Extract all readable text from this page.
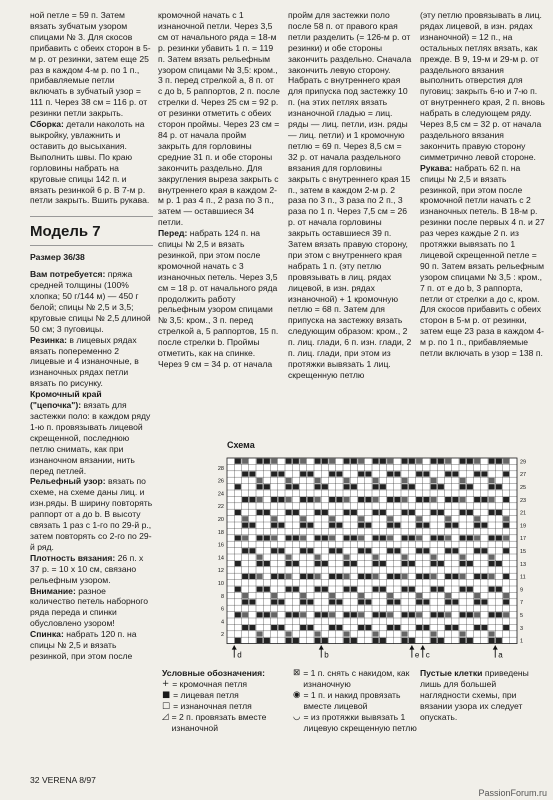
ной петле = 59 п. Затем вязать зубчатым узором спицами № 3. Для скосов прибавить с обеих сторон в 5-м р. от резинки, затем еще 25 раз в каждом 4-м р. по 1 п., прибавляемые петли включать в зубчатый узор = 111 п. Через 38 см = 116 р. от резинки петли закрыть.

Сборка: детали наколоть на выкройку, увлажнить и оставить до высыхания. Выполнить швы. По краю горловины набрать на круговые спицы 142 п. и вязать резинкой 6 р. В 7-м р. петли закрыть. Вшить рукава.

Модель 7
Размер 36/38

Вам потребуется: пряжа средней толщины (100% хлопка; 50 г/144 м) — 450 г белой; спицы № 2,5 и 3,5; круговые спицы № 2,5 длиной 50 см; 3 пуговицы.

Резинка: в лицевых рядах вязать попеременно 2 лицевые и 4 изнаночные, в изнаночных рядах петли вязать по рисунку.

Кромочный край ("цепочка"): вязать для застежки поло: в каждом ряду 1-ю п. провязывать лицевой скрещенной, последнюю петлю снимать, как при изнаночном вязании, нить перед петлей.

Рельефный узор: вязать по схеме, на схеме даны лиц. и изн.ряды. В ширину повторять раппорт от a до b. В высоту связать 1 раз с 1-го по 29-й р., затем повторять со 2-го по 29-й ряд.

Плотность вязания: 26 п. х 37 р. = 10 х 10 см, связано рельефным узором.

Внимание: разное количество петель наборного ряда переда и спинки обусловлено узором!

Спинка: набрать 120 п. на спицы № 2,5 и вязать резинкой, при этом после

кромочной начать с 1 изнаночной петли. Через 3,5 см от начального ряда = 18-м р. резинки убавить 1 п. = 119 п. Затем вязать рельефным узором спицами № 3,5: кром., 3 п. перед стрелкой a, 8 п. от c до b, 5 раппортов, 2 п. после стрелки d. Через 25 см = 92 р. от резинки отметить с обеих сторон проймы. Через 23 см = 84 р. от начала пройм закрыть для горловины средние 31 п. и обе стороны закончить раздельно. Для закругления выреза закрыть с внутреннего края в каждом 2-м р. 1 раз 4 п., 2 раза по 3 п., затем — оставшиеся 34 петли.

Перед: набрать 124 п. на спицы № 2,5 и вязать резинкой, при этом после кромочной начать с 3 изнаночных петель. Через 3,5 см = 18 р. от начального ряда продолжить работу рельефным узором спицами № 3,5: кром., 3 п. перед стрелкой a, 5 раппортов, 15 п. после стрелки b. Проймы отметить, как на спинке. Через 9 см = 34 р. от начала

пройм для застежки поло после 58 п. от правого края петли разделить (= 126-м р. от резинки) и обе стороны закончить раздельно. Сначала закончить левую сторону. Набрать с внутреннего края для припуска под застежку 10 п. (на этих петлях вязать изнаночной гладью = лиц. ряды — лиц. петли, изн. ряды — лиц. петли) и 1 кромочную петлю = 69 п. Через 8,5 см = 32 р. от начала раздельного вязания для горловины закрыть с внутреннего края 15 п., затем в каждом 2-м р. 2 раза по 3 п., 3 раза по 2 п., 3 раза по 1 п. Через 7,5 см = 26 р. от начала горловины закрыть оставшиеся 39 п. Затем вязать правую сторону, при этом с внутреннего края набрать 1 п. (эту петлю провязывать в лиц. рядах лицевой, в изн. рядах изнаночной) + 1 кромочную петлю = 68 п. Затем для припуска на застежку вязать следующим образом: кром., 2 п. лиц. глади, 6 п. изн. глади, 2 п. лиц. глади, при этом из протяжки вывязать 1 лиц. скрещенную петлю

(эту петлю провязывать в лиц. рядах лицевой, в изн. рядах изнаночной) = 12 п., на остальных петлях вязать, как прежде. В 9, 19-м и 29-м р. от раздельного вязания выполнить отверстия для пуговиц: закрыть 6-ю и 7-ю п. от внутреннего края, 2 п. вновь набрать в следующем ряду. Через 8,5 см = 32 р. от начала раздельного вязания закончить правую сторону симметрично левой стороне.

Рукава: набрать 62 п. на спицы № 2,5 и вязать резинкой, при этом после кромочной петли начать с 2 изнаночных петель. В 18-м р. резинки после первых 4 п. и 27 раз через каждые 2 п. из протяжки вывязать по 1 лицевой скрещенной петле = 90 п. Затем вязать рельефным узором спицами № 3,5 : кром., 7 п. от e до b, 3 раппорта, петли от стрелки a до c, кром. Для скосов прибавить с обеих сторон в 5-м р. от резинки, затем еще 23 раза в каждом 4-м р. по 1 п., прибавляемые петли включать в узор = 138 п.

Схема
28
26
24
22
20
18
16
14
12
10
8
6
4
2
29
27
25
23
21
19
17
15
13
11
9
7
5
3
1
d	b	e c	a
Условные обозначения:
+ = кромочная петля
■ = лицевая петля
□ = изнаночная петля
◿ = 2 п. провязать вместе изнаночной
⊠ = 1 п. снять с накидом, как изнаночную
◉ = 1 п. и накид провязать вместе лицевой
◡ = из протяжки вывязать 1 лицевую скрещенную петлю
Пустые клетки приведены лишь для большей наглядности схемы, при вязании узора их следует опускать.
32 VERENA 8/97
PassionForum.ru
